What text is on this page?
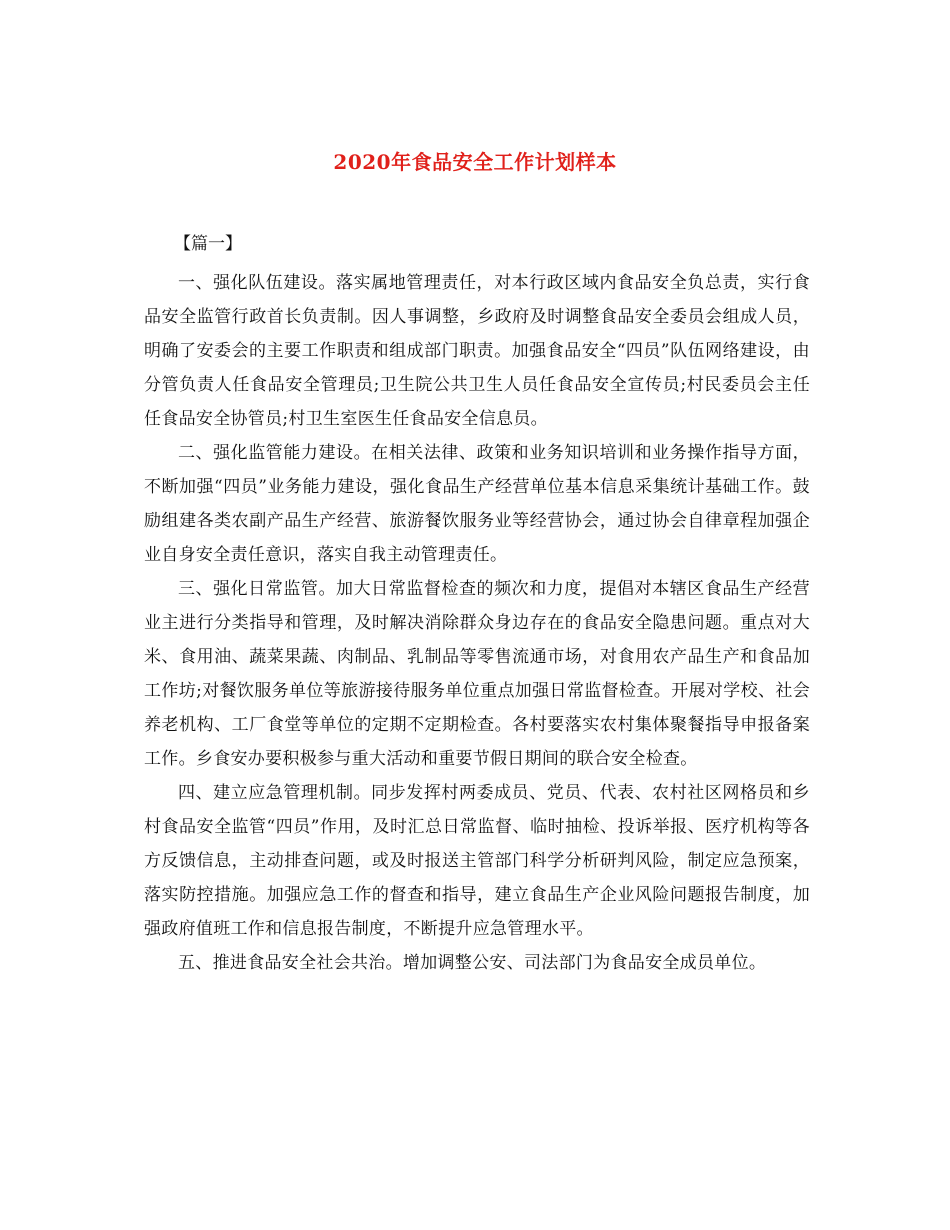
2020年食品安全工作计划样本
【篇一】

一、强化队伍建设。落实属地管理责任，对本行政区域内食品安全负总责，实行食品安全监管行政首长负责制。因人事调整，乡政府及时调整食品安全委员会组成人员，明确了安委会的主要工作职责和组成部门职责。加强食品安全“四员”队伍网络建设，由分管负责人任食品安全管理员;卫生院公共卫生人员任食品安全宣传员;村民委员会主任任食品安全协管员;村卫生室医生任食品安全信息员。

二、强化监管能力建设。在相关法律、政策和业务知识培训和业务操作指导方面，不断加强“四员”业务能力建设，强化食品生产经营单位基本信息采集统计基础工作。鼓励组建各类农副产品生产经营、旅游餐饮服务业等经营协会，通过协会自律章程加强企业自身安全责任意识，落实自我主动管理责任。

三、强化日常监管。加大日常监督检查的频次和力度，提倡对本辖区食品生产经营业主进行分类指导和管理，及时解决消除群众身边存在的食品安全隐患问题。重点对大米、食用油、蔬菜果蔬、肉制品、乳制品等零售流通市场，对食用农产品生产和食品加工作坊;对餐饮服务单位等旅游接待服务单位重点加强日常监督检查。开展对学校、社会养老机构、工厂食堂等单位的定期不定期检查。各村要落实农村集体聚餐指导申报备案工作。乡食安办要积极参与重大活动和重要节假日期间的联合安全检查。

四、建立应急管理机制。同步发挥村两委成员、党员、代表、农村社区网格员和乡村食品安全监管“四员”作用，及时汇总日常监督、临时抽检、投诉举报、医疗机构等各方反馈信息，主动排查问题，或及时报送主管部门科学分析研判风险，制定应急预案，落实防控措施。加强应急工作的督查和指导，建立食品生产企业风险问题报告制度，加强政府值班工作和信息报告制度，不断提升应急管理水平。

五、推进食品安全社会共治。增加调整公安、司法部门为食品安全成员单位。
